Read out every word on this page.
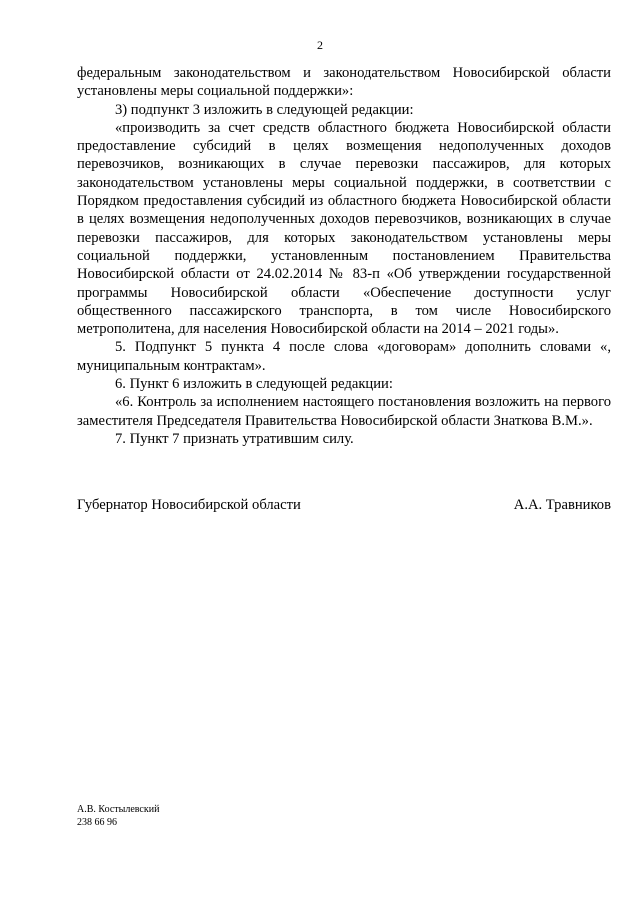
2

федеральным законодательством и законодательством Новосибирской области установлены меры социальной поддержки»:

3) подпункт 3 изложить в следующей редакции:

«производить за счет средств областного бюджета Новосибирской области предоставление субсидий в целях возмещения недополученных доходов перевозчиков, возникающих в случае перевозки пассажиров, для которых законодательством установлены меры социальной поддержки, в соответствии с Порядком предоставления субсидий из областного бюджета Новосибирской области в целях возмещения недополученных доходов перевозчиков, возникающих в случае перевозки пассажиров, для которых законодательством установлены меры социальной поддержки, установленным постановлением Правительства Новосибирской области от 24.02.2014 № 83-п «Об утверждении государственной программы Новосибирской области «Обеспечение доступности услуг общественного пассажирского транспорта, в том числе Новосибирского метрополитена, для населения Новосибирской области на 2014 – 2021 годы».

5. Подпункт 5 пункта 4 после слова «договорам» дополнить словами «, муниципальным контрактам».

6. Пункт 6 изложить в следующей редакции:

«6. Контроль за исполнением настоящего постановления возложить на первого заместителя Председателя Правительства Новосибирской области Знаткова В.М.».

7. Пункт 7 признать утратившим силу.

Губернатор Новосибирской области	А.А. Травников
А.В. Костылевский
238 66 96
